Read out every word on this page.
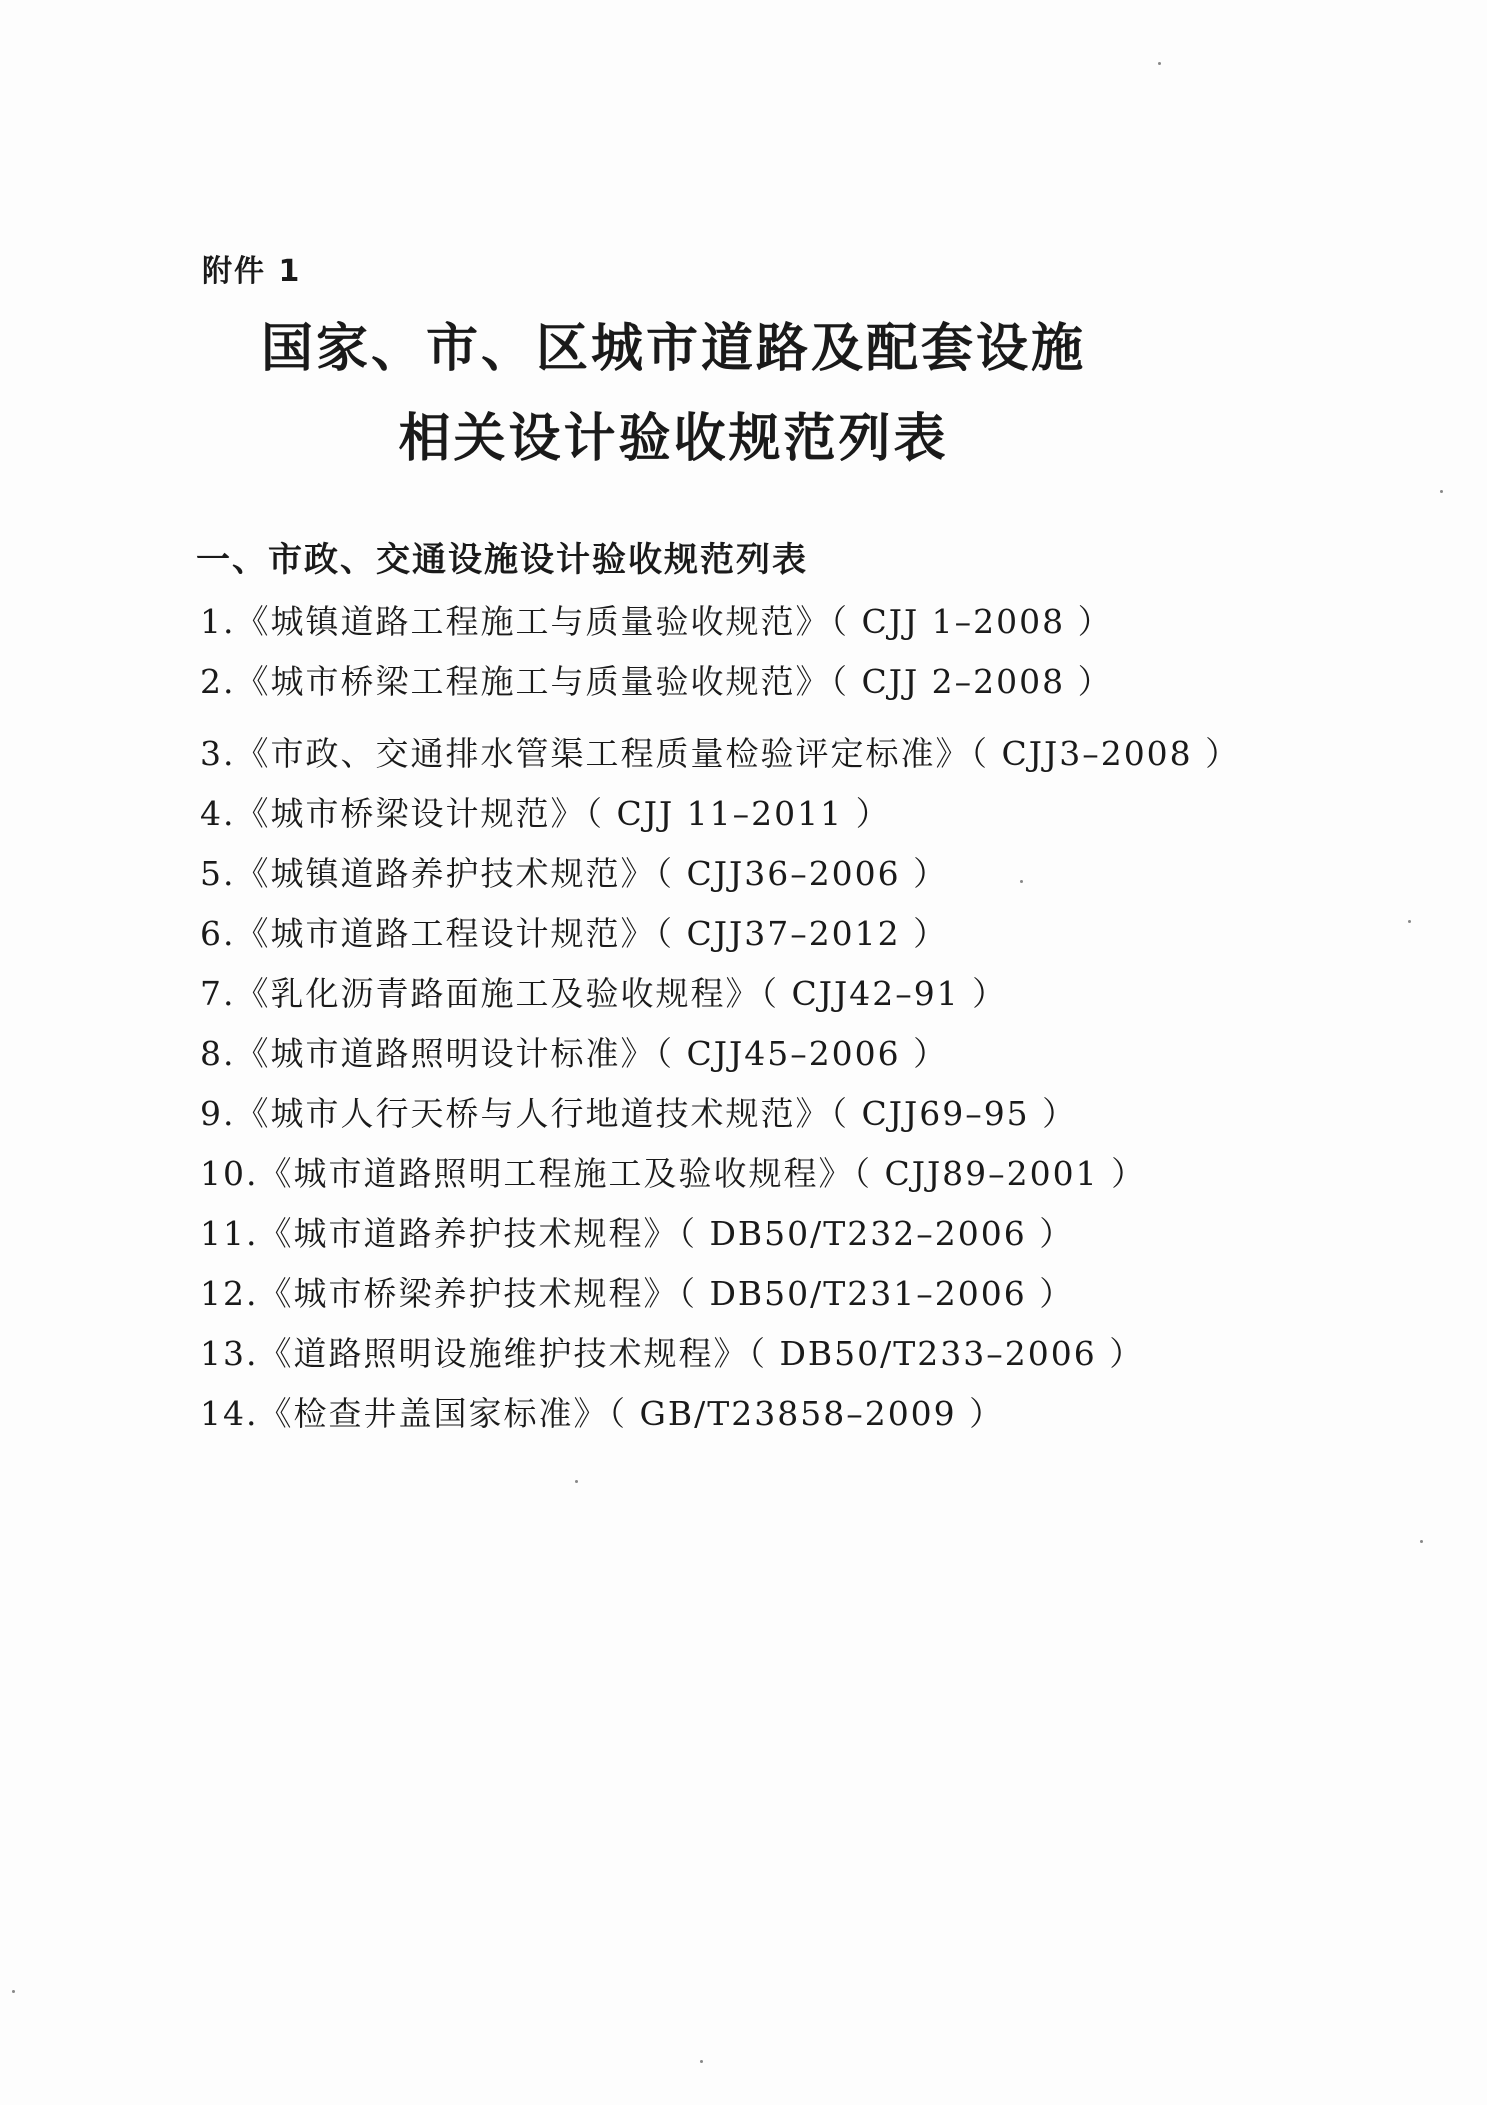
附件 1
国家、市、区城市道路及配套设施
相关设计验收规范列表
一、市政、交通设施设计验收规范列表
1.《城镇道路工程施工与质量验收规范》（ CJJ 1–2008 ）
2.《城市桥梁工程施工与质量验收规范》（ CJJ 2–2008 ）
3.《市政、交通排水管渠工程质量检验评定标准》（ CJJ3–2008 ）
4.《城市桥梁设计规范》（ CJJ 11–2011 ）
5.《城镇道路养护技术规范》（ CJJ36–2006 ）
6.《城市道路工程设计规范》（ CJJ37–2012 ）
7.《乳化沥青路面施工及验收规程》（ CJJ42–91 ）
8.《城市道路照明设计标准》（ CJJ45–2006 ）
9.《城市人行天桥与人行地道技术规范》（ CJJ69–95 ）
10.《城市道路照明工程施工及验收规程》（ CJJ89–2001 ）
11.《城市道路养护技术规程》（ DB50/T232–2006 ）
12.《城市桥梁养护技术规程》（ DB50/T231–2006 ）
13.《道路照明设施维护技术规程》（ DB50/T233–2006 ）
14.《检查井盖国家标准》（ GB/T23858–2009 ）
